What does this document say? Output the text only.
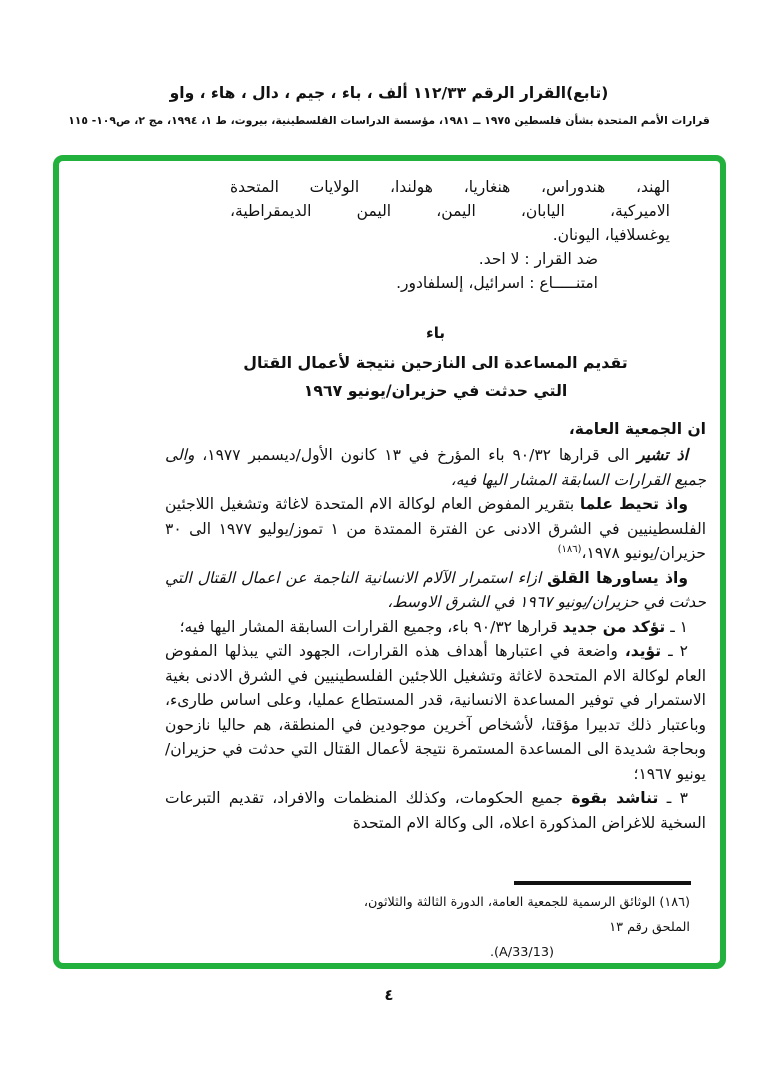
(تابع)القرار الرقم ١١٢/٣٣ ألف ، باء ، جيم ، دال ، هاء ، واو
قرارات الأمم المتحدة بشأن فلسطين ١٩٧٥ ــ ١٩٨١، مؤسسة الدراسات الفلسطينية، بيروت، ط ١، ١٩٩٤، مج ٢، ص١٠٩- ١١٥
الهند، هندوراس، هنغاريا، هولندا، الولايات المتحدة
الاميركية، اليابان، اليمن، اليمن الديمقراطية،
يوغسلافيا، اليونان.
ضد القرار : لا احد.
امتنـــــاع : اسرائيل، إلسلفادور.
باء
تقديم المساعدة الى النازحين نتيجة لأعمال القتال
التي حدثت في حزيران/يونيو ١٩٦٧
ان الجمعية العامة،

اذ تشير الى قرارها ٩٠/٣٢ باء المؤرخ في ١٣ كانون الأول/ديسمبر ١٩٧٧، والى جميع القرارات السابقة المشار اليها فيه،

واذ تحيط علما بتقرير المفوض العام لوكالة الام المتحدة لاغاثة وتشغيل اللاجئين الفلسطينيين في الشرق الادنى عن الفترة الممتدة من ١ تموز/يوليو ١٩٧٧ الى ٣٠ حزيران/يونيو ١٩٧٨،$^{(١٨٦)}$

واذ يساورها القلق ازاء استمرار الآلام الانسانية الناجمة عن اعمال القتال التي حدثت في حزيران/يونيو ١٩٦٧ في الشرق الاوسط،

١ ـ تؤكد من جديد قرارها ٩٠/٣٢ باء، وجميع القرارات السابقة المشار اليها فيه؛

٢ ـ تؤيد، واضعة في اعتبارها أهداف هذه القرارات، الجهود التي يبذلها المفوض العام لوكالة الام المتحدة لاغاثة وتشغيل اللاجئين الفلسطينيين في الشرق الادنى بغية الاستمرار في توفير المساعدة الانسانية، قدر المستطاع عمليا، وعلى اساس طارىء، وباعتبار ذلك تدبيرا مؤقتا، لأشخاص آخرين موجودين في المنطقة، هم حاليا نازحون وبحاجة شديدة الى المساعدة المستمرة نتيجة لأعمال القتال التي حدثت في حزيران/يونيو ١٩٦٧؛

٣ ـ تناشد بقوة جميع الحكومات، وكذلك المنظمات والافراد، تقديم التبرعات السخية للاغراض المذكورة اعلاه، الى وكالة الام المتحدة

(١٨٦) الوثائق الرسمية للجمعية العامة، الدورة الثالثة والثلاثون، الملحق رقم ١٣
(A/33/13).
٤
